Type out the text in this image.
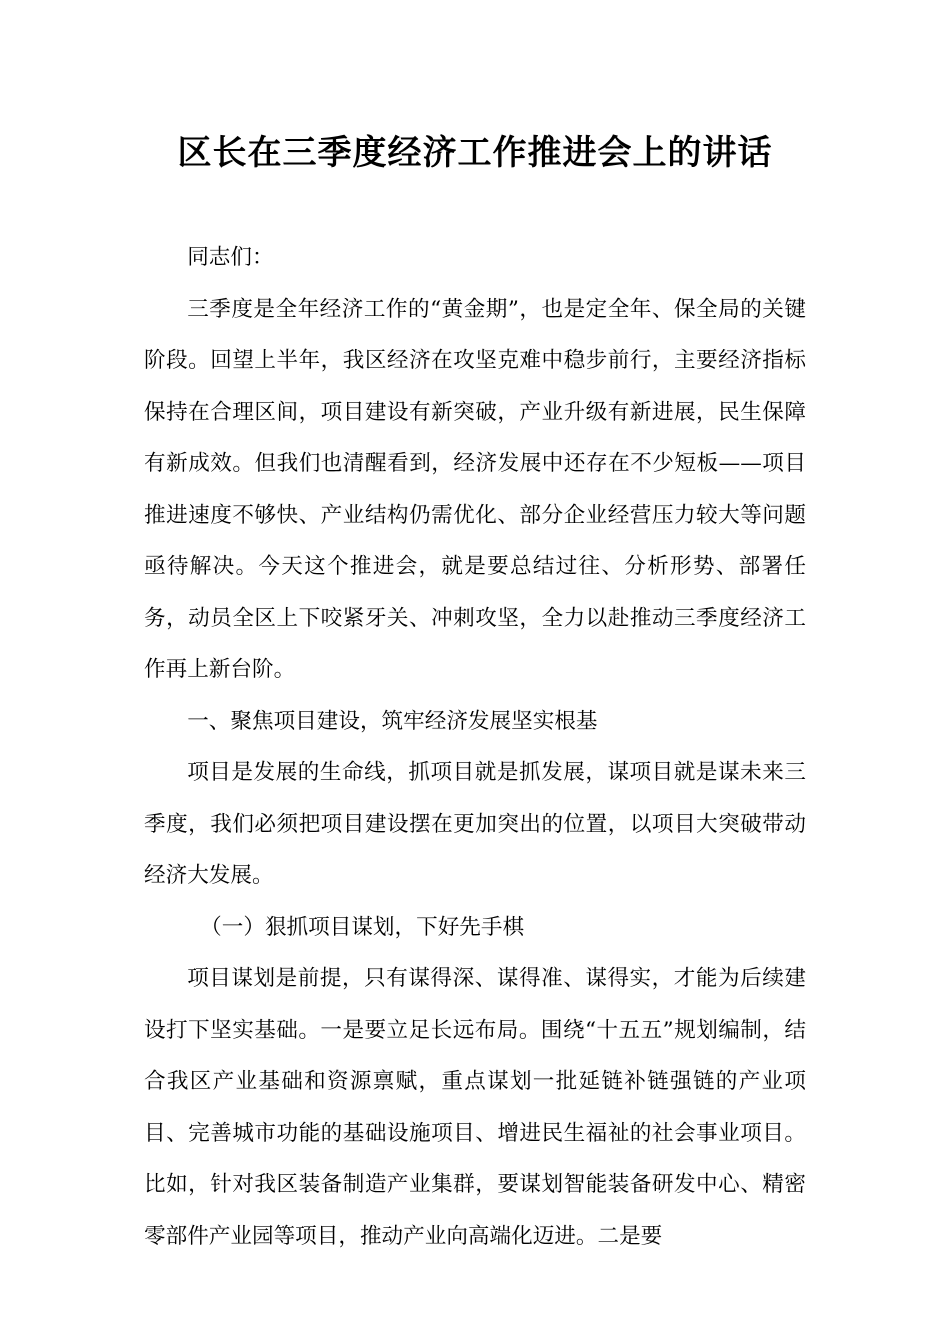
区长在三季度经济工作推进会上的讲话

同志们：

三季度是全年经济工作的“黄金期”，也是定全年、保全局的关键阶段。回望上半年，我区经济在攻坚克难中稳步前行，主要经济指标保持在合理区间，项目建设有新突破，产业升级有新进展，民生保障有新成效。但我们也清醒看到，经济发展中还存在不少短板——项目推进速度不够快、产业结构仍需优化、部分企业经营压力较大等问题亟待解决。今天这个推进会，就是要总结过往、分析形势、部署任务，动员全区上下咬紧牙关、冲刺攻坚，全力以赴推动三季度经济工作再上新台阶。

一、聚焦项目建设，筑牢经济发展坚实根基

项目是发展的生命线，抓项目就是抓发展，谋项目就是谋未来三季度，我们必须把项目建设摆在更加突出的位置，以项目大突破带动经济大发展。

（一）狠抓项目谋划，下好先手棋

项目谋划是前提，只有谋得深、谋得准、谋得实，才能为后续建设打下坚实基础。一是要立足长远布局。围绕“十五五”规划编制，结合我区产业基础和资源禀赋，重点谋划一批延链补链强链的产业项目、完善城市功能的基础设施项目、增进民生福祉的社会事业项目。比如，针对我区装备制造产业集群，要谋划智能装备研发中心、精密零部件产业园等项目，推动产业向高端化迈进。二是要
